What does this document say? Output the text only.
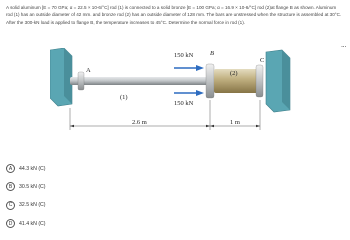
A solid aluminum [E = 70 GPa; α = 22.5 × 10-6/°C] rod (1) is connected to a solid bronze [E = 100 GPa; α = 16.9 × 10-6/°C] rod (2)at flange B as shown. Aluminum rod (1) has an outside diameter of 42 mm. and bronze rod (2) has an outside diameter of 128 mm. The bars are unstressed when the structure is assembled at 30°C. After the 300-kN load is applied to flange B, the temperature increases to 45°C. Determine the normal force in rod (1).
...
A
B
C
(1)
(2)
150 kN
150 kN
2.6 m	1 m
A	44.3 kN (C)
B	30.5 kN (C)
C	32.5 kN (C)
D	41.4 kN (C)
